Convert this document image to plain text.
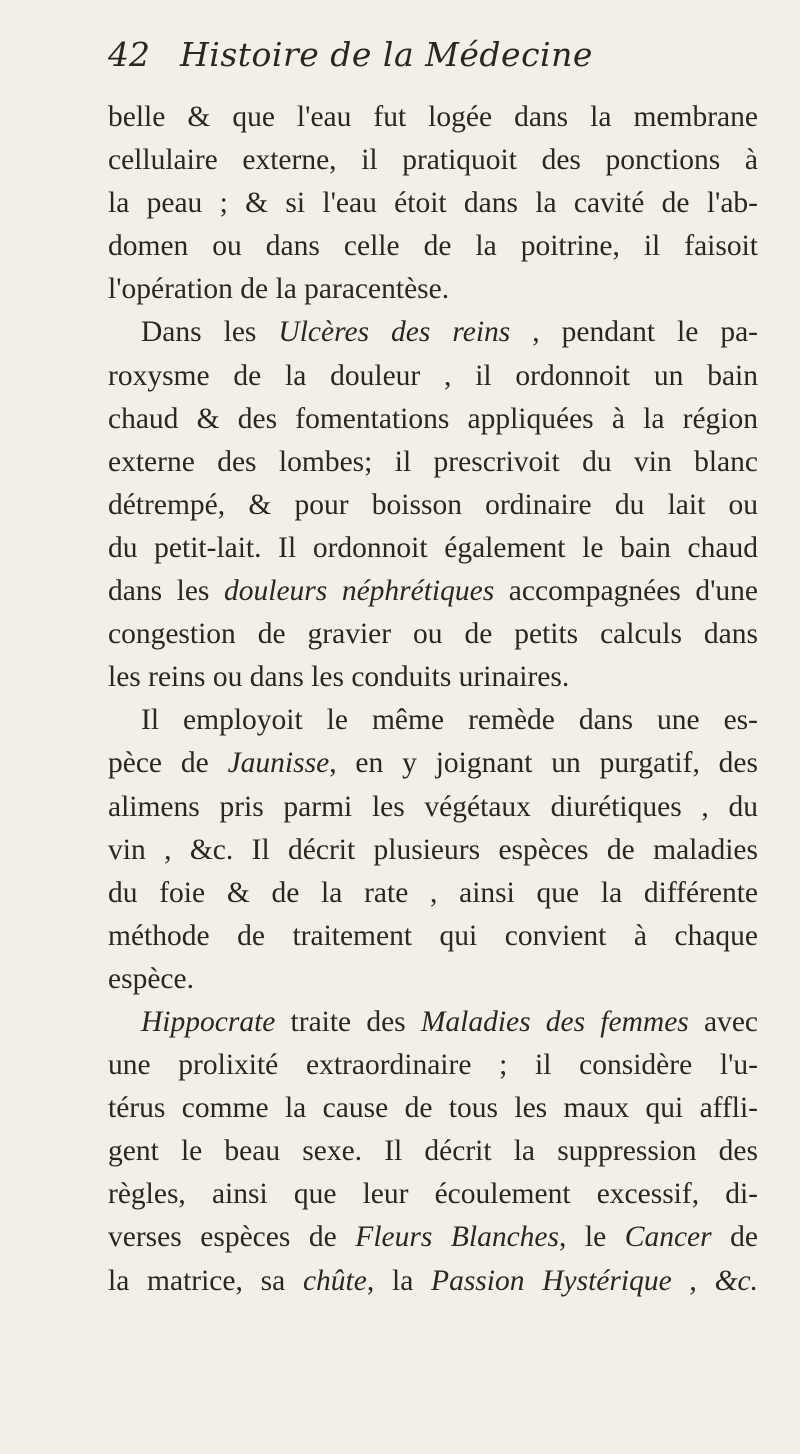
42 Histoire de la Médecine
belle & que l'eau fut logée dans la membrane
cellulaire externe, il pratiquoit des ponctions à
la peau ; & si l'eau étoit dans la cavité de l'ab-
domen ou dans celle de la poitrine, il faisoit
l'opération de la paracentèse.
Dans les Ulcères des reins , pendant le pa-
roxysme de la douleur , il ordonnoit un bain
chaud & des fomentations appliquées à la région
externe des lombes; il prescrivoit du vin blanc
détrempé, & pour boisson ordinaire du lait ou
du petit-lait. Il ordonnoit également le bain chaud
dans les douleurs néphrétiques accompagnées d'une
congestion de gravier ou de petits calculs dans
les reins ou dans les conduits urinaires.
Il employoit le même remède dans une es-
pèce de Jaunisse, en y joignant un purgatif, des
alimens pris parmi les végétaux diurétiques , du
vin , &c. Il décrit plusieurs espèces de maladies
du foie & de la rate , ainsi que la différente
méthode de traitement qui convient à chaque
espèce.
Hippocrate traite des Maladies des femmes avec
une prolixité extraordinaire ; il considère l'u-
térus comme la cause de tous les maux qui affli-
gent le beau sexe. Il décrit la suppression des
règles, ainsi que leur écoulement excessif, di-
verses espèces de Fleurs Blanches, le Cancer de
la matrice, sa chûte, la Passion Hystérique , &c.
